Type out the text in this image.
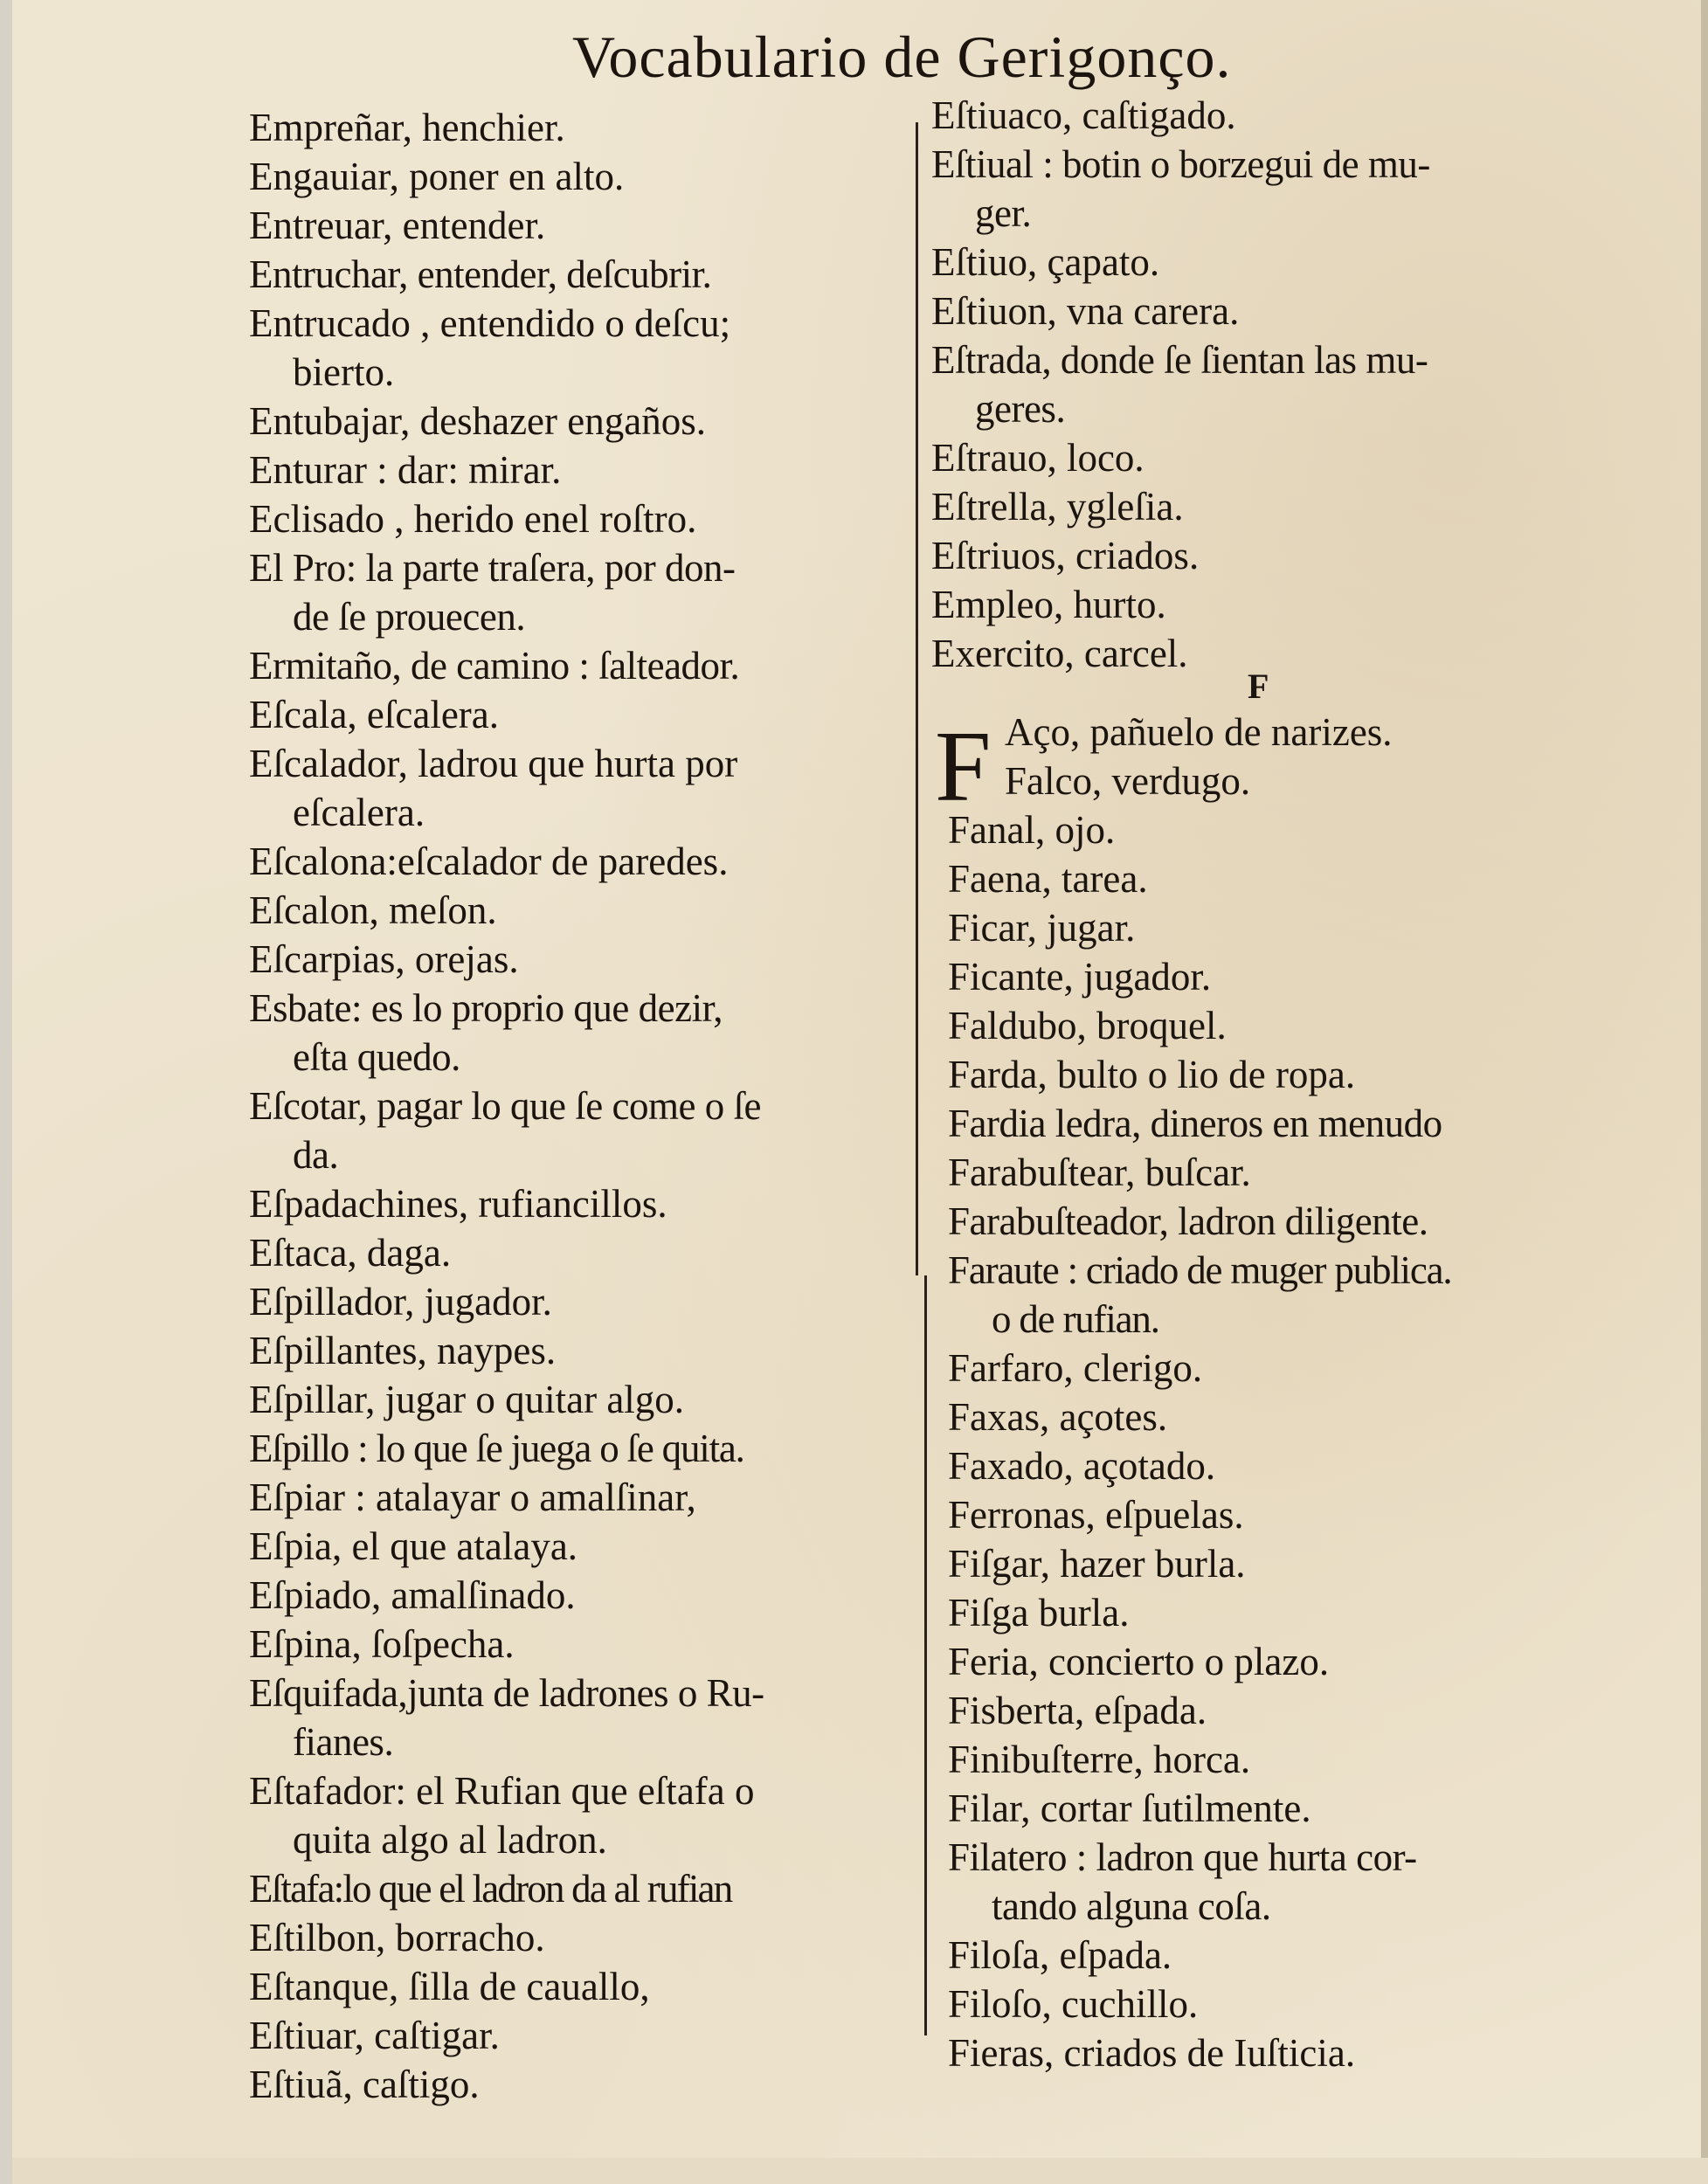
Vocabulario de Gerigonço.
Empreñar, henchier.
Engauiar, poner en alto.
Entreuar, entender.
Entruchar, entender, deſcubrir.
Entrucado , entendido o deſcu;
bierto.
Entubajar, deshazer engaños.
Enturar : dar: mirar.
Eclisado , herido enel roſtro.
El Pro: la parte traſera, por don-
de ſe prouecen.
Ermitaño, de camino : ſalteador.
Eſcala, eſcalera.
Eſcalador, ladrou que hurta por
eſcalera.
Eſcalona:eſcalador de paredes.
Eſcalon, meſon.
Eſcarpias, orejas.
Esbate: es lo proprio que dezir,
eſta quedo.
Eſcotar, pagar lo que ſe come o ſe
da.
Eſpadachines, rufiancillos.
Eſtaca, daga.
Eſpillador, jugador.
Eſpillantes, naypes.
Eſpillar, jugar o quitar algo.
Eſpillo : lo que ſe juega o ſe quita.
Eſpiar : atalayar o amalſinar,
Eſpia, el que atalaya.
Eſpiado, amalſinado.
Eſpina, ſoſpecha.
Eſquifada,junta de ladrones o Ru-
fianes.
Eſtafador: el Rufian que eſtafa o
quita algo al ladron.
Eſtafa:lo que el ladron da al rufian
Eſtilbon, borracho.
Eſtanque, ſilla de cauallo,
Eſtiuar, caſtigar.
Eſtiuã, caſtigo.
Eſtiuaco, caſtigado.
Eſtiual : botin o borzegui de mu-
ger.
Eſtiuo, çapato.
Eſtiuon, vna carera.
Eſtrada, donde ſe ſientan las mu-
geres.
Eſtrauo, loco.
Eſtrella, ygleſia.
Eſtriuos, criados.
Empleo, hurto.
Exercito, carcel.
F
F Aço, pañuelo de narizes.
Falco, verdugo.
Fanal, ojo.
Faena, tarea.
Ficar, jugar.
Ficante, jugador.
Faldubo, broquel.
Farda, bulto o lio de ropa.
Fardia ledra, dineros en menudo
Farabuſtear, buſcar.
Farabuſteador, ladron diligente.
Faraute : criado de muger publica.
o de rufian.
Farfaro, clerigo.
Faxas, açotes.
Faxado, açotado.
Ferronas, eſpuelas.
Fiſgar, hazer burla.
Fiſga burla.
Feria, concierto o plazo.
Fisberta, eſpada.
Finibuſterre, horca.
Filar, cortar ſutilmente.
Filatero : ladron que hurta cor-
tando alguna coſa.
Filoſa, eſpada.
Filoſo, cuchillo.
Fieras, criados de Iuſticia.
